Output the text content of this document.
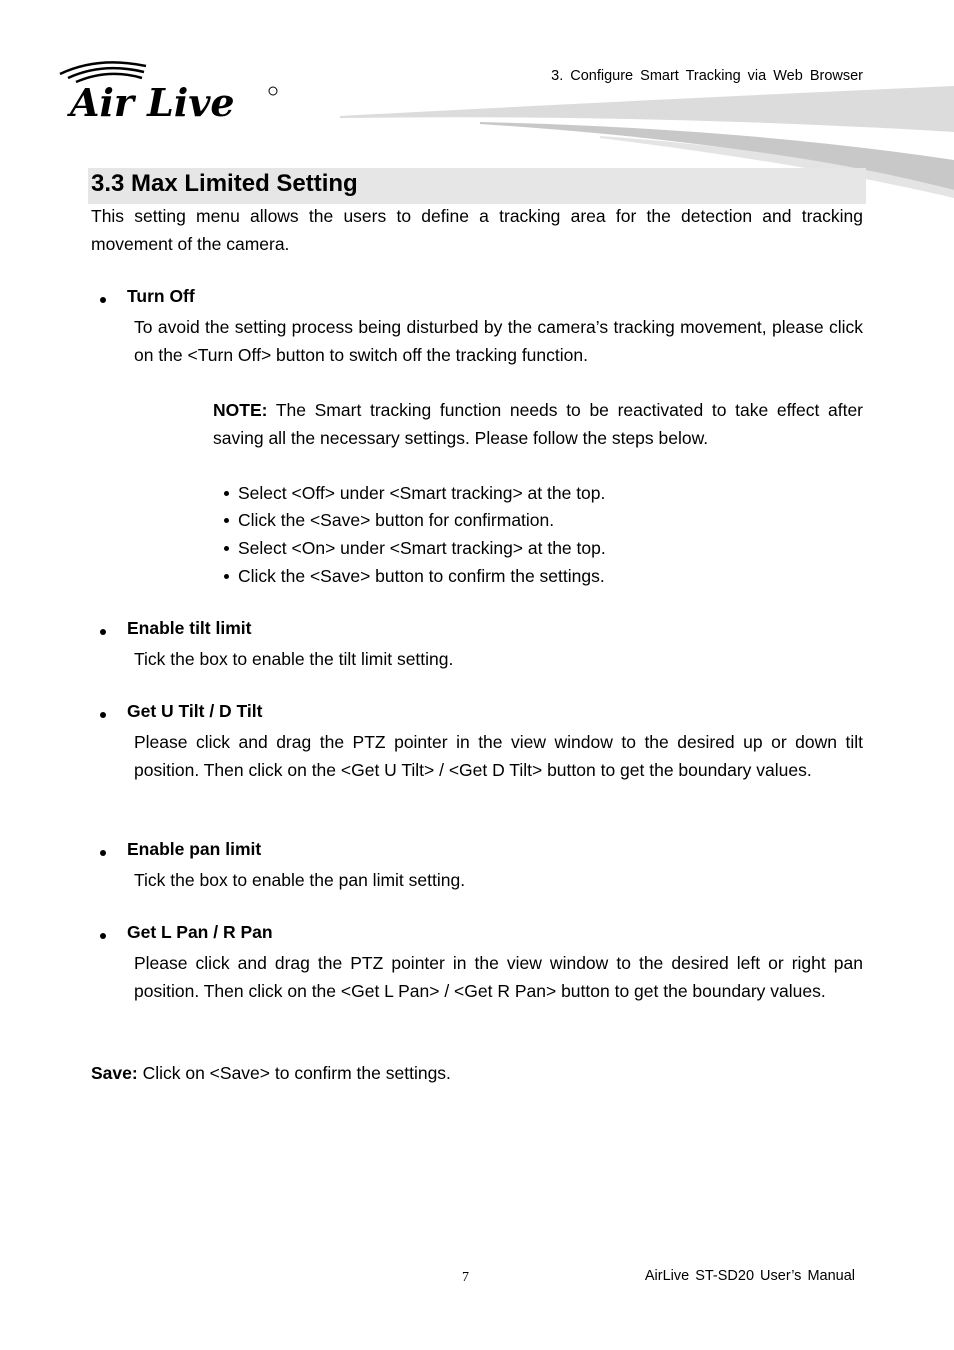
Air Live
3. Configure Smart Tracking via Web Browser
3.3 Max Limited Setting
This setting menu allows the users to define a tracking area for the detection and tracking movement of the camera.
Turn Off
To avoid the setting process being disturbed by the camera’s tracking movement, please click on the <Turn Off> button to switch off the tracking function.
NOTE: The Smart tracking function needs to be reactivated to take effect after saving all the necessary settings. Please follow the steps below.
Select <Off> under <Smart tracking> at the top.
Click the <Save> button for confirmation.
Select <On> under <Smart tracking> at the top.
Click the <Save> button to confirm the settings.
Enable tilt limit
Tick the box to enable the tilt limit setting.
Get U Tilt / D Tilt
Please click and drag the PTZ pointer in the view window to the desired up or down tilt position. Then click on the <Get U Tilt> / <Get D Tilt> button to get the boundary values.
Enable pan limit
Tick the box to enable the pan limit setting.
Get L Pan / R Pan
Please click and drag the PTZ pointer in the view window to the desired left or right pan position. Then click on the <Get L Pan> / <Get R Pan> button to get the boundary values.
Save: Click on <Save> to confirm the settings.
7	AirLive ST-SD20 User’s Manual
